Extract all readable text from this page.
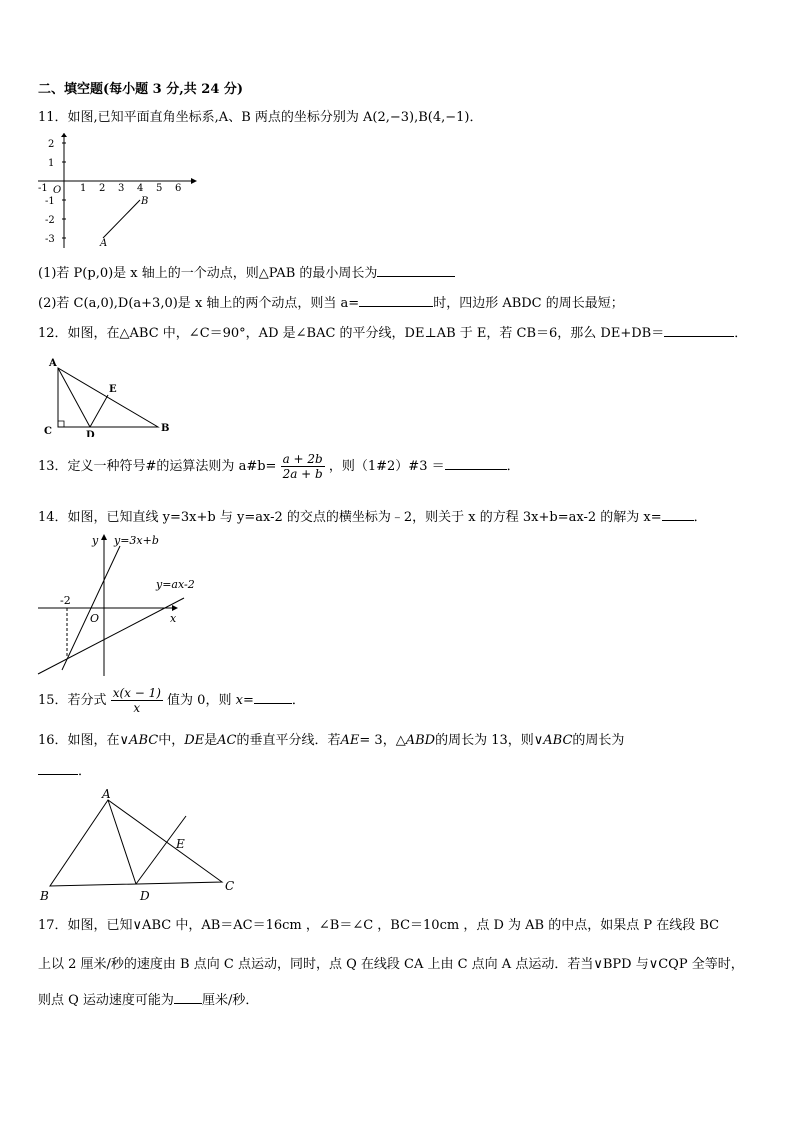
二、填空题(每小题 3 分,共 24 分)
11．如图,已知平面直角坐标系,A、B 两点的坐标分别为 A(2,−3),B(4,−1)．
2
1
-1
-2
-3
-1 O 1 2 3 4 5 6
A
B
(1)若 P(p,0)是 x 轴上的一个动点，则△PAB 的最小周长为
(2)若 C(a,0),D(a+3,0)是 x 轴上的两个动点，则当 a=	时，四边形 ABDC 的周长最短；
12．如图，在△ABC 中，∠C＝90°，AD 是∠BAC 的平分线，DE⊥AB 于 E，若 CB＝6，那么 DE+DB＝	．
A
C	D
E
B
13．定义一种符号#的运算法则为 a#b= $\frac{a + 2b}{2a + b}$ ，则（1#2）#3 ＝	．
14．如图，已知直线 y=3x+b 与 y=ax-2 的交点的横坐标为﹣2，则关于 x 的方程 3x+b=ax-2 的解为 x= ．
y
x
O
-2
y=3x+b
y=ax-2
15．若分式 $\frac{x(x - 1)}{x}$ 值为 0，则 x=	．
16．如图，在∨ABC中，DE是AC的垂直平分线．若AE= 3，△ABD的周长为 13，则∨ABC的周长为
．
A
B	D
E
C
17．如图，已知∨ABC 中，AB＝AC＝16cm ，∠B＝∠C ，BC＝10cm ，点 D 为 AB 的中点，如果点 P 在线段 BC
上以 2 厘米/秒的速度由 B 点向 C 点运动，同时，点 Q 在线段 CA 上由 C 点向 A 点运动．若当∨BPD 与∨CQP 全等时，
则点 Q 运动速度可能为 厘米/秒．
